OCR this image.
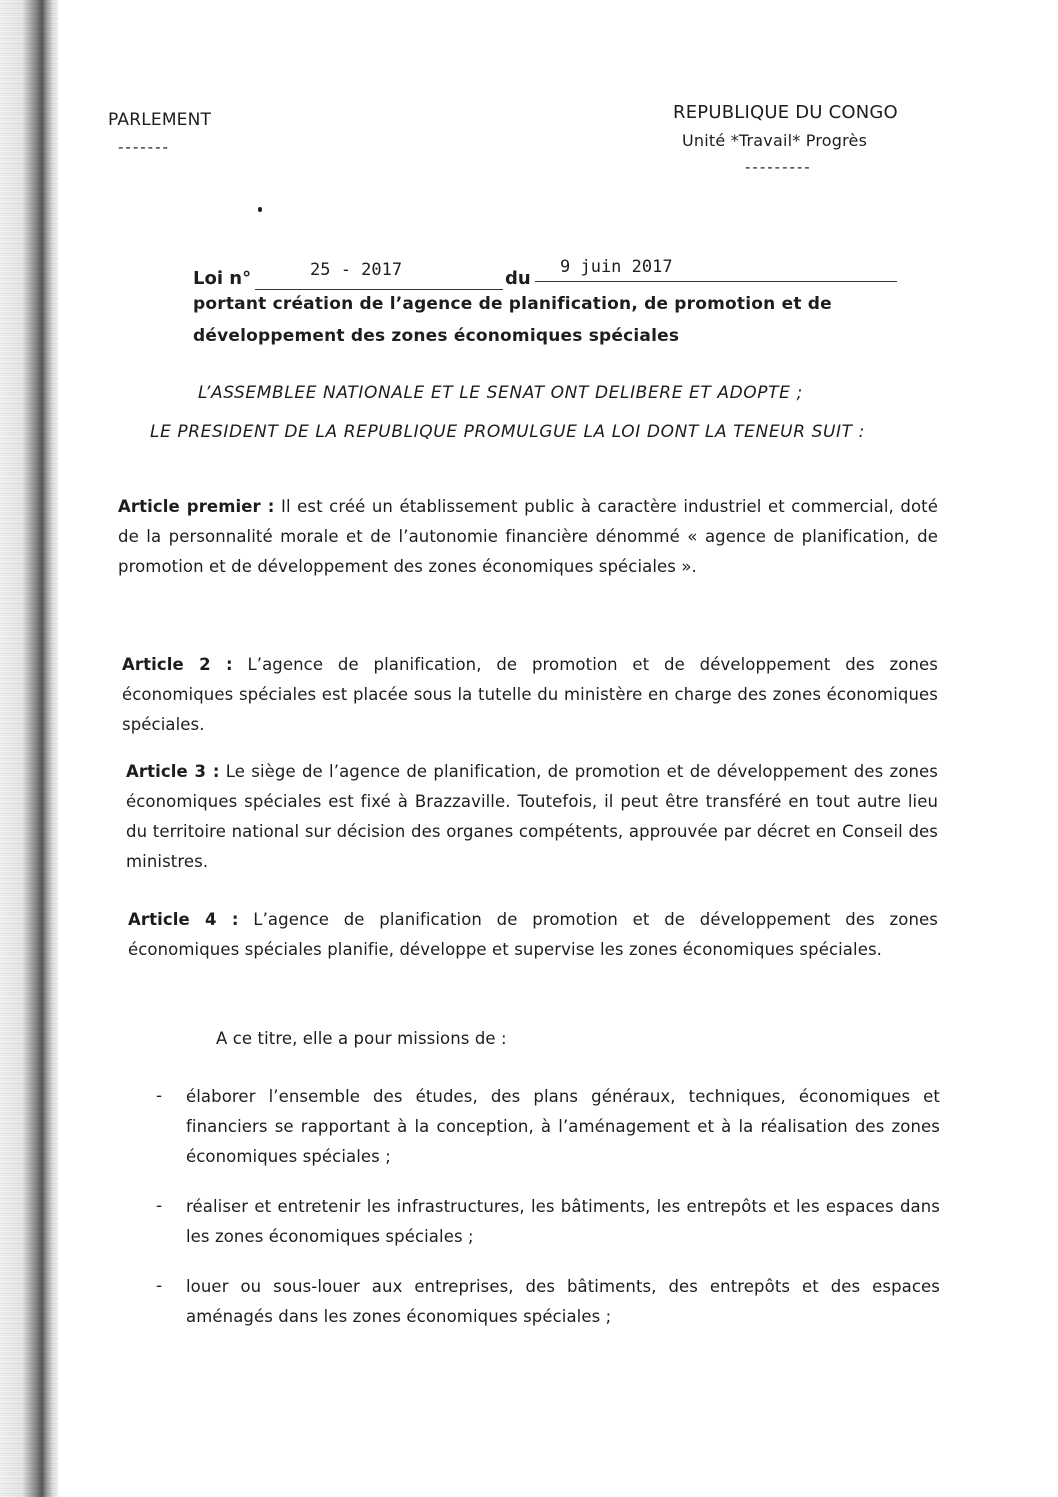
PARLEMENT
-------
REPUBLIQUE DU CONGO
Unité *Travail* Progrès
---------
Loi n°	25 - 2017	du
9 juin 2017
portant création de l’agence de planification, de promotion et de
développement des zones économiques spéciales
L’ASSEMBLEE NATIONALE ET LE SENAT ONT DELIBERE ET ADOPTE ;
LE PRESIDENT DE LA REPUBLIQUE PROMULGUE LA LOI DONT LA TENEUR SUIT :
Article premier : Il est créé un établissement public à caractère industriel et commercial, doté de la personnalité morale et de l’autonomie financière dénommé « agence de planification, de promotion et de développement des zones économiques spéciales ».
Article 2 : L’agence de planification, de promotion et de développement des zones économiques spéciales est placée sous la tutelle du ministère en charge des zones économiques spéciales.
Article 3 : Le siège de l’agence de planification, de promotion et de développement des zones économiques spéciales est fixé à Brazzaville. Toutefois, il peut être transféré en tout autre lieu du territoire national sur décision des organes compétents, approuvée par décret en Conseil des ministres.
Article 4 : L’agence de planification de promotion et de développement des zones économiques spéciales planifie, développe et supervise les zones économiques spéciales.
A ce titre, elle a pour missions de :
- élaborer l’ensemble des études, des plans généraux, techniques, économiques et financiers se rapportant à la conception, à l’aménagement et à la réalisation des zones économiques spéciales ;
- réaliser et entretenir les infrastructures, les bâtiments, les entrepôts et les espaces dans les zones économiques spéciales ;
- louer ou sous-louer aux entreprises, des bâtiments, des entrepôts et des espaces aménagés dans les zones économiques spéciales ;
